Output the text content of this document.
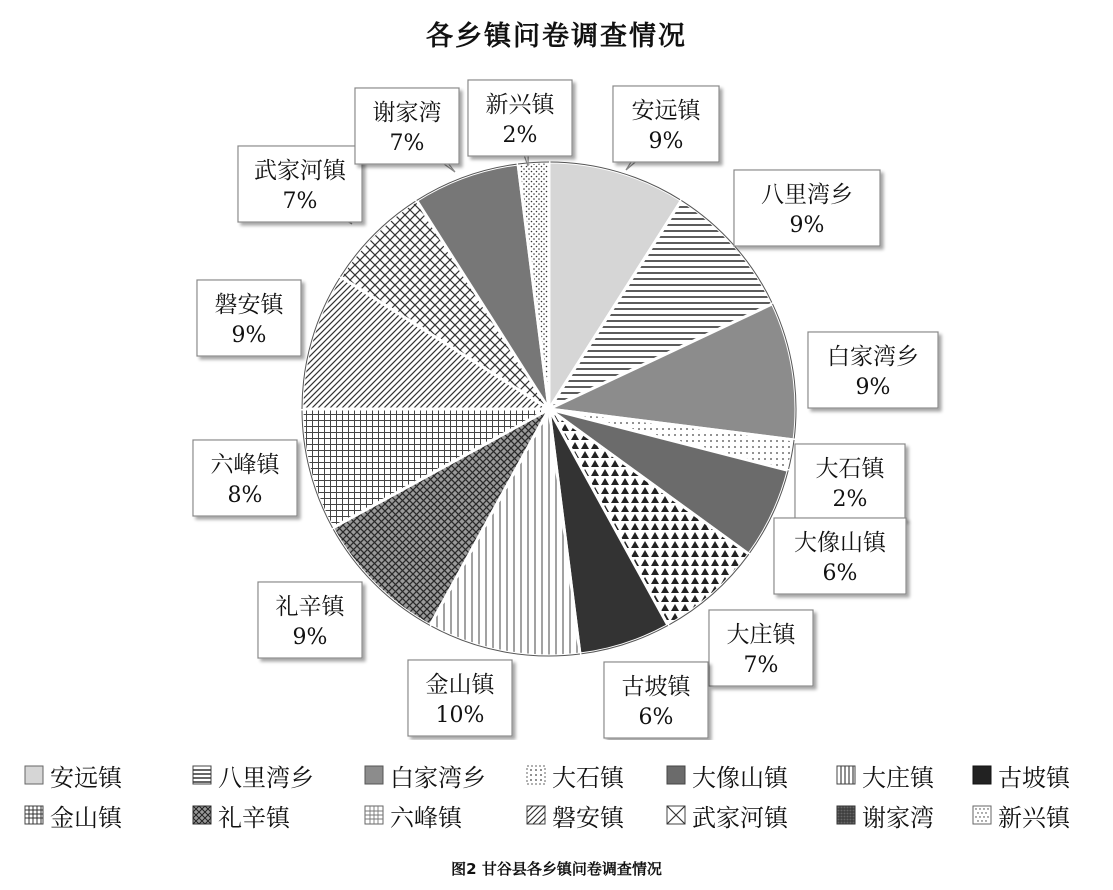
各乡镇问卷调查情况
安远镇
9%
八里湾乡
9%
白家湾乡
9%
大石镇
2%
大像山镇
6%
大庄镇
7%
古坡镇
6%
金山镇
10%
礼辛镇
9%
六峰镇
8%
磐安镇
9%
武家河镇
7%
谢家湾
7%
新兴镇
2%
安远镇	八里湾乡	白家湾乡	大石镇	大像山镇	大庄镇	古坡镇
金山镇	礼辛镇	六峰镇	磐安镇	武家河镇	谢家湾	新兴镇
图2 甘谷县各乡镇问卷调查情况
